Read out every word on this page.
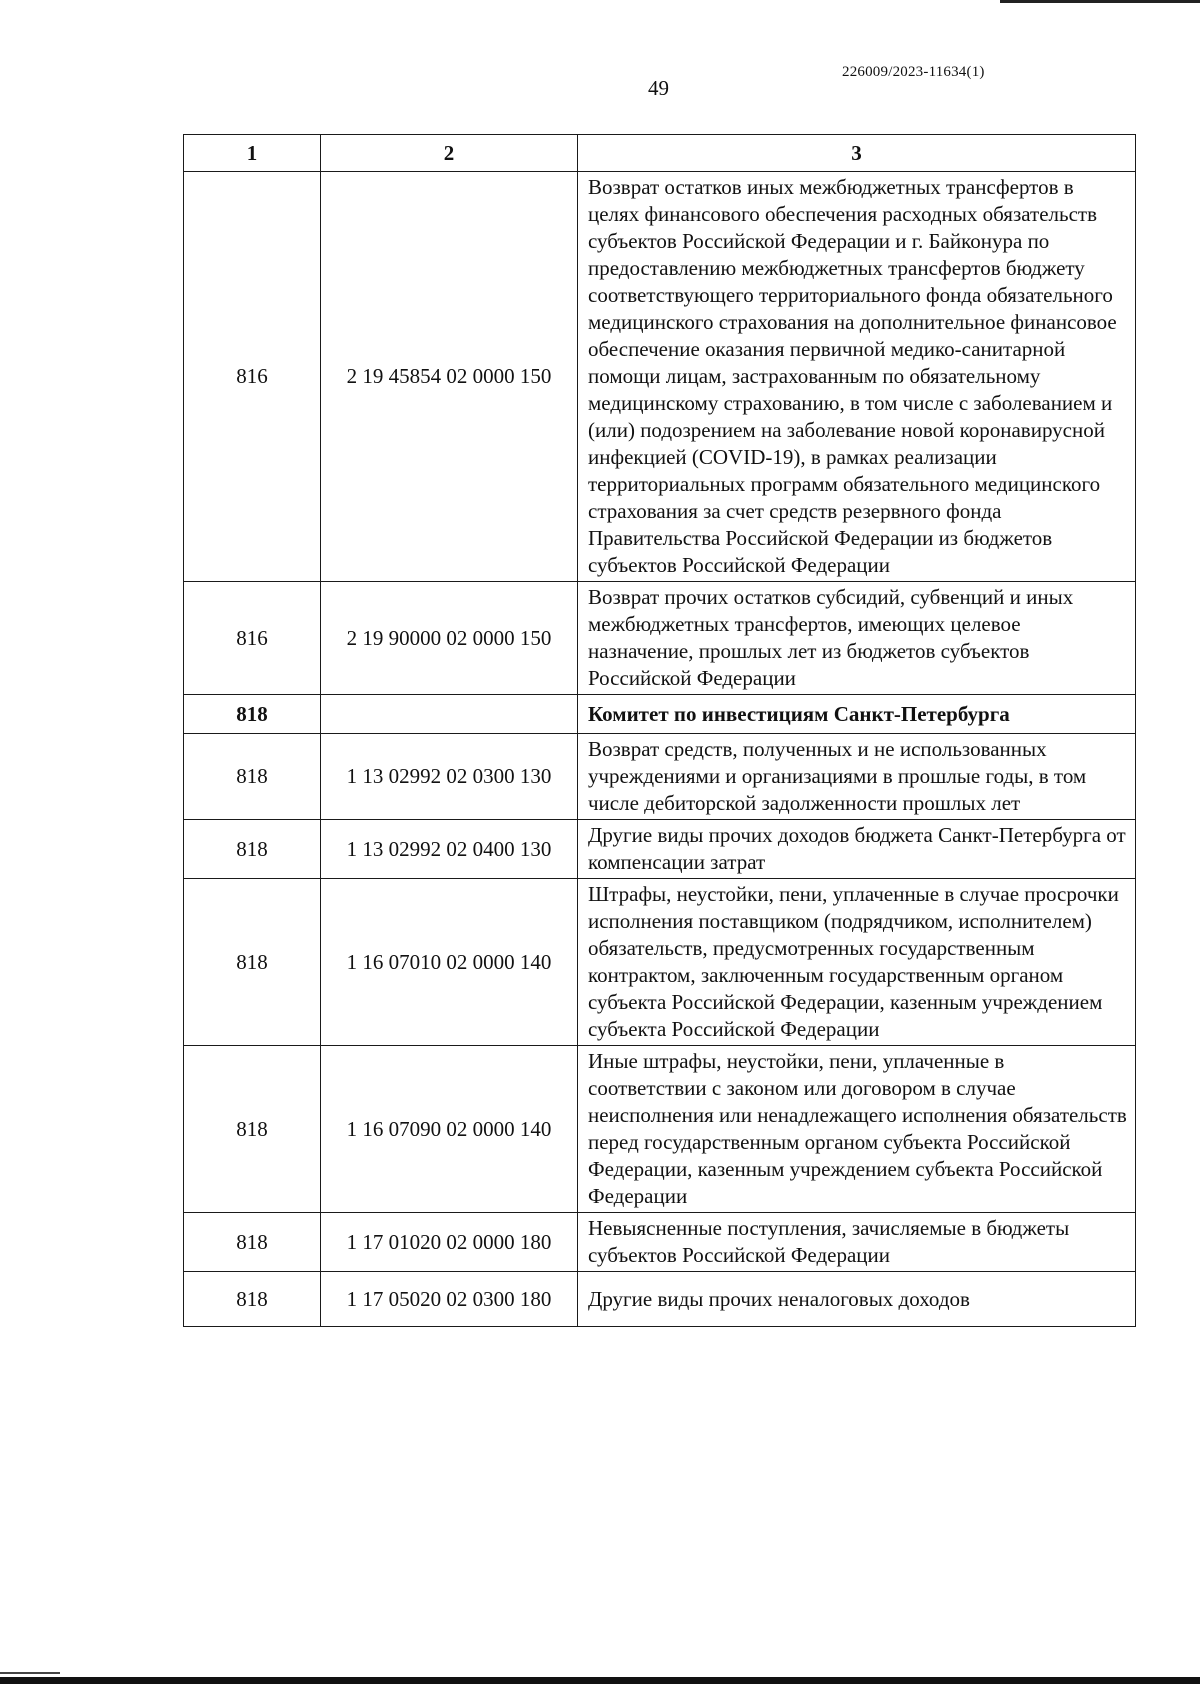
226009/2023-11634(1)
49
1	2	3
816	2 19 45854 02 0000 150	Возврат остатков иных межбюджетных трансфертов в целях финансового обеспечения расходных обязательств субъектов Российской Федерации и г. Байконура по предоставлению межбюджетных трансфертов бюджету соответствующего территориального фонда обязательного медицинского страхования на дополнительное финансовое обеспечение оказания первичной медико-санитарной помощи лицам, застрахованным по обязательному медицинскому страхованию, в том числе с заболеванием и (или) подозрением на заболевание новой коронавирусной инфекцией (COVID-19), в рамках реализации территориальных программ обязательного медицинского страхования за счет средств резервного фонда Правительства Российской Федерации из бюджетов субъектов Российской Федерации
816	2 19 90000 02 0000 150	Возврат прочих остатков субсидий, субвенций и иных межбюджетных трансфертов, имеющих целевое назначение, прошлых лет из бюджетов субъектов Российской Федерации
818		Комитет по инвестициям Санкт-Петербурга
818	1 13 02992 02 0300 130	Возврат средств, полученных и не использованных учреждениями и организациями в прошлые годы, в том числе дебиторской задолженности прошлых лет
818	1 13 02992 02 0400 130	Другие виды прочих доходов бюджета Санкт-Петербурга от компенсации затрат
818	1 16 07010 02 0000 140	Штрафы, неустойки, пени, уплаченные в случае просрочки исполнения поставщиком (подрядчиком, исполнителем) обязательств, предусмотренных государственным контрактом, заключенным государственным органом субъекта Российской Федерации, казенным учреждением субъекта Российской Федерации
818	1 16 07090 02 0000 140	Иные штрафы, неустойки, пени, уплаченные в соответствии с законом или договором в случае неисполнения или ненадлежащего исполнения обязательств перед государственным органом субъекта Российской Федерации, казенным учреждением субъекта Российской Федерации
818	1 17 01020 02 0000 180	Невыясненные поступления, зачисляемые в бюджеты субъектов Российской Федерации
818	1 17 05020 02 0300 180	Другие виды прочих неналоговых доходов
